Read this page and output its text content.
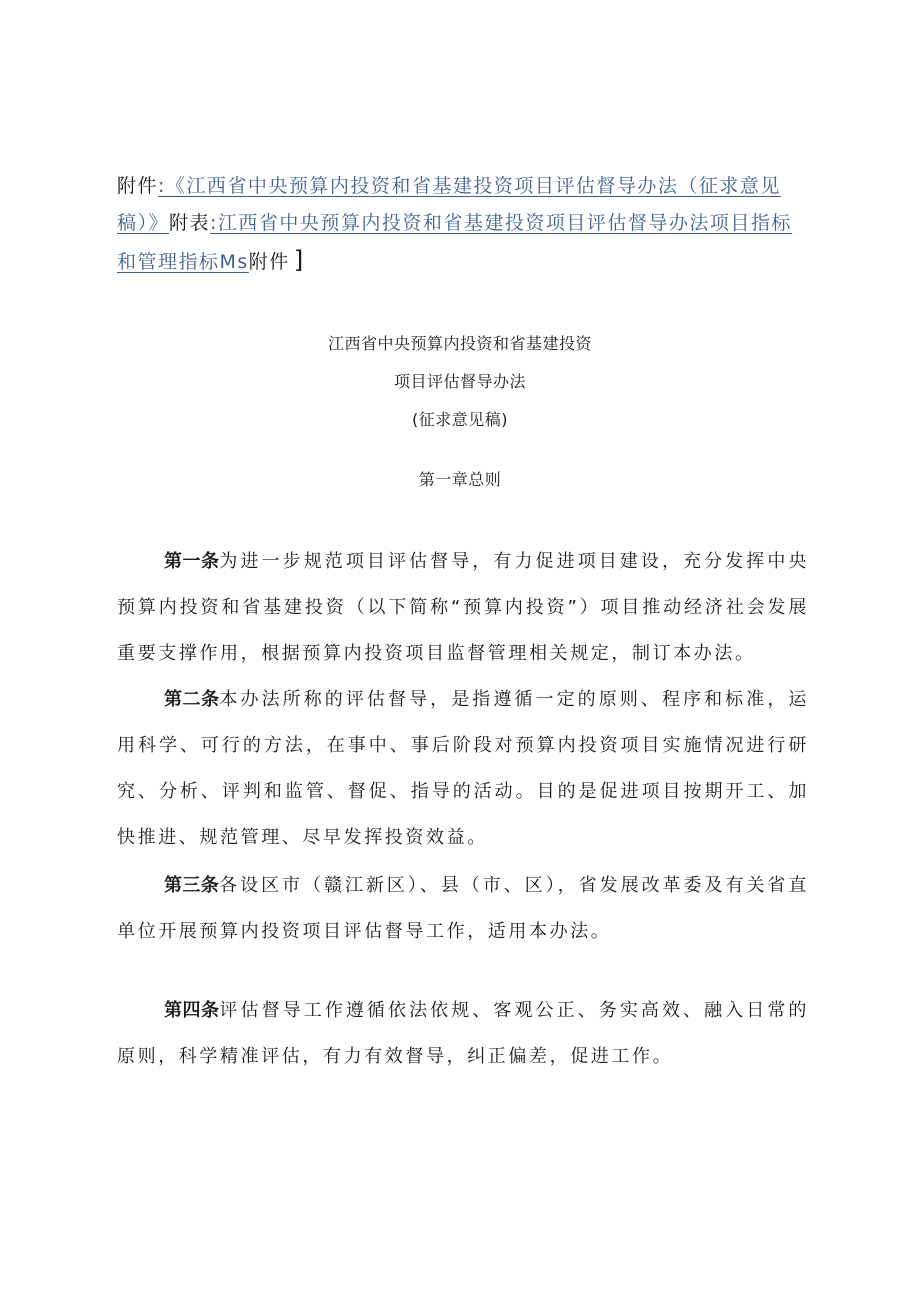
附件:《江西省中央预算内投资和省基建投资项目评估督导办法（征求意见稿）》附表:江西省中央预算内投资和省基建投资项目评估督导办法项目指标和管理指标Ms附件 ]
江西省中央预算内投资和省基建投资
项目评估督导办法
(征求意见稿)
第一章总则
第一条为进一步规范项目评估督导，有力促进项目建设，充分发挥中央预算内投资和省基建投资（以下简称“预算内投资”）项目推动经济社会发展重要支撑作用，根据预算内投资项目监督管理相关规定，制订本办法。
第二条本办法所称的评估督导，是指遵循一定的原则、程序和标准，运用科学、可行的方法，在事中、事后阶段对预算内投资项目实施情况进行研究、分析、评判和监管、督促、指导的活动。目的是促进项目按期开工、加快推进、规范管理、尽早发挥投资效益。
第三条各设区市（赣江新区）、县（市、区），省发展改革委及有关省直单位开展预算内投资项目评估督导工作，适用本办法。
第四条评估督导工作遵循依法依规、客观公正、务实高效、融入日常的原则，科学精准评估，有力有效督导，纠正偏差，促进工作。
